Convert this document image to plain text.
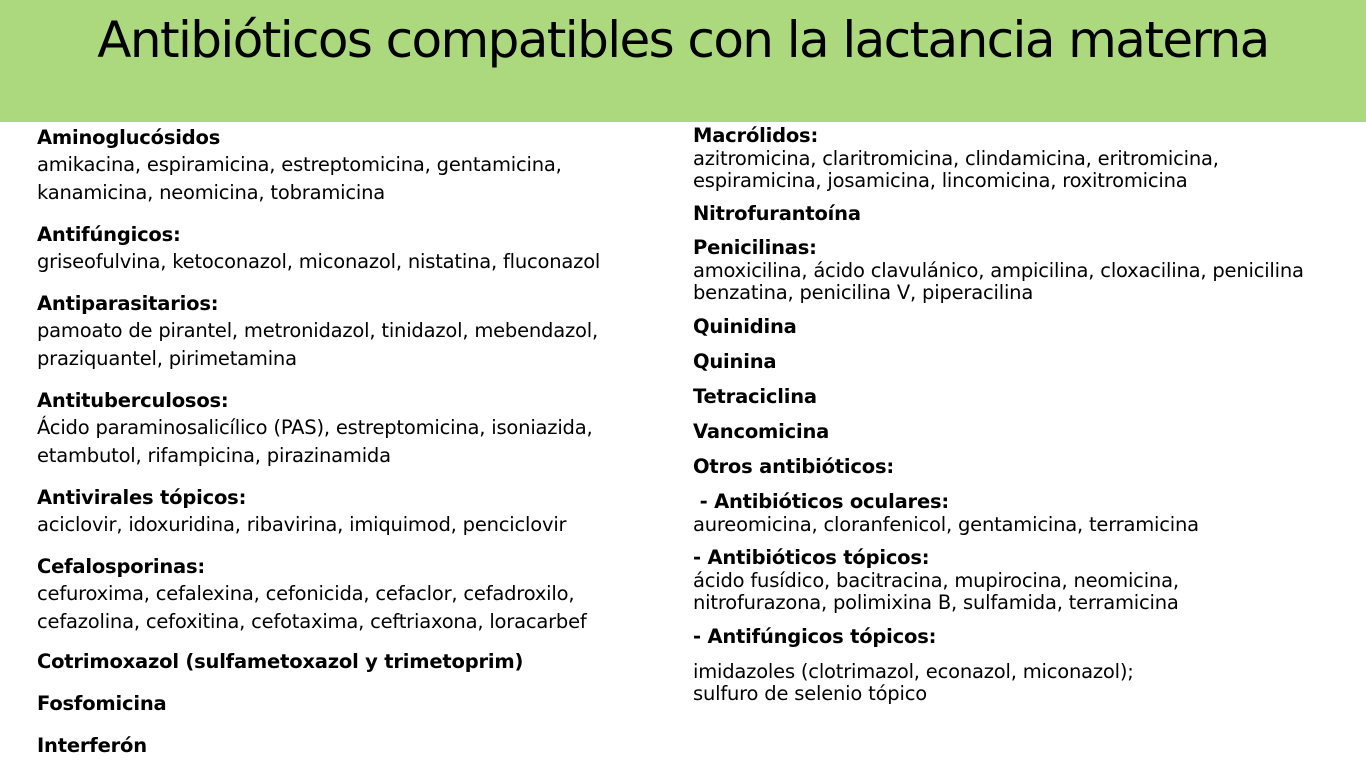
Antibióticos compatibles con la lactancia materna
Aminoglucósidos
amikacina, espiramicina, estreptomicina, gentamicina,
kanamicina, neomicina, tobramicina
Antifúngicos:
griseofulvina, ketoconazol, miconazol, nistatina, fluconazol
Antiparasitarios:
pamoato de pirantel, metronidazol, tinidazol, mebendazol,
praziquantel, pirimetamina
Antituberculosos:
Ácido paraminosalicílico (PAS), estreptomicina, isoniazida,
etambutol, rifampicina, pirazinamida
Antivirales tópicos:
aciclovir, idoxuridina, ribavirina, imiquimod, penciclovir
Cefalosporinas:
cefuroxima, cefalexina, cefonicida, cefaclor, cefadroxilo,
cefazolina, cefoxitina, cefotaxima, ceftriaxona, loracarbef
Cotrimoxazol (sulfametoxazol y trimetoprim)
Fosfomicina
Interferón
Macrólidos:
azitromicina, claritromicina, clindamicina, eritromicina,
espiramicina, josamicina, lincomicina, roxitromicina
Nitrofurantoína
Penicilinas:
amoxicilina, ácido clavulánico, ampicilina, cloxacilina, penicilina
benzatina, penicilina V, piperacilina
Quinidina
Quinina
Tetraciclina
Vancomicina
Otros antibióticos:
- Antibióticos oculares:
aureomicina, cloranfenicol, gentamicina, terramicina
- Antibióticos tópicos:
ácido fusídico, bacitracina, mupirocina, neomicina,
nitrofurazona, polimixina B, sulfamida, terramicina
- Antifúngicos tópicos:
imidazoles (clotrimazol, econazol, miconazol);
sulfuro de selenio tópico
